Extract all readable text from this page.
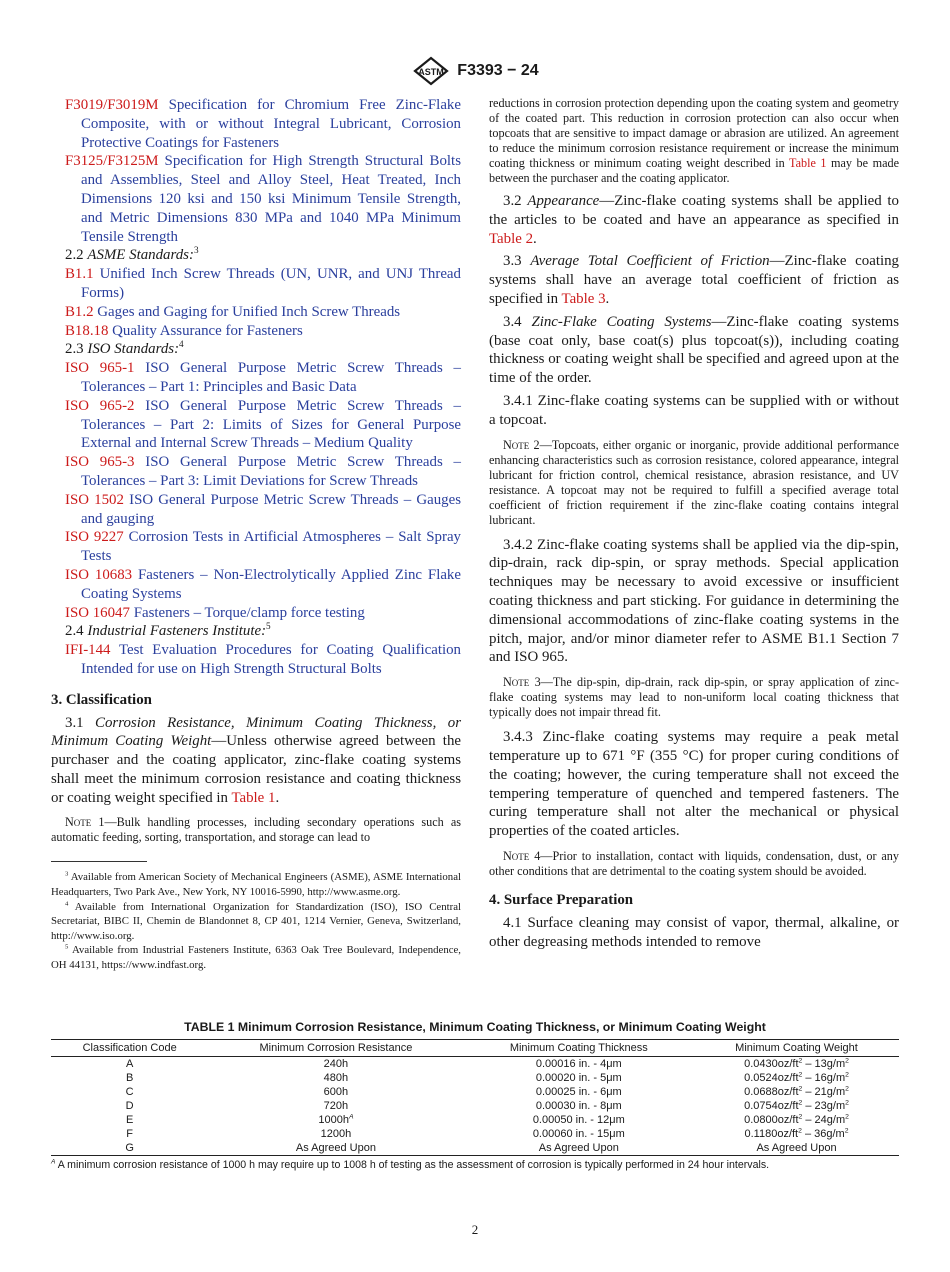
ASTM F3393 − 24
F3019/F3019M Specification for Chromium Free Zinc-Flake Composite, with or without Integral Lubricant, Corrosion Protective Coatings for Fasteners
F3125/F3125M Specification for High Strength Structural Bolts and Assemblies, Steel and Alloy Steel, Heat Treated, Inch Dimensions 120 ksi and 150 ksi Minimum Tensile Strength, and Metric Dimensions 830 MPa and 1040 MPa Minimum Tensile Strength
2.2 ASME Standards:$^3$
B1.1 Unified Inch Screw Threads (UN, UNR, and UNJ Thread Forms)
B1.2 Gages and Gaging for Unified Inch Screw Threads
B18.18 Quality Assurance for Fasteners
2.3 ISO Standards:$^4$
ISO 965-1 ISO General Purpose Metric Screw Threads – Tolerances – Part 1: Principles and Basic Data
ISO 965-2 ISO General Purpose Metric Screw Threads – Tolerances – Part 2: Limits of Sizes for General Purpose External and Internal Screw Threads – Medium Quality
ISO 965-3 ISO General Purpose Metric Screw Threads – Tolerances – Part 3: Limit Deviations for Screw Threads
ISO 1502 ISO General Purpose Metric Screw Threads – Gauges and gauging
ISO 9227 Corrosion Tests in Artificial Atmospheres – Salt Spray Tests
ISO 10683 Fasteners – Non-Electrolytically Applied Zinc Flake Coating Systems
ISO 16047 Fasteners – Torque/clamp force testing
2.4 Industrial Fasteners Institute:$^5$
IFI-144 Test Evaluation Procedures for Coating Qualification Intended for use on High Strength Structural Bolts
3. Classification
3.1 Corrosion Resistance, Minimum Coating Thickness, or Minimum Coating Weight—Unless otherwise agreed between the purchaser and the coating applicator, zinc-flake coating systems shall meet the minimum corrosion resistance and coating thickness or coating weight specified in Table 1.
Note 1—Bulk handling processes, including secondary operations such as automatic feeding, sorting, transportation, and storage can lead to
$^3$ Available from American Society of Mechanical Engineers (ASME), ASME International Headquarters, Two Park Ave., New York, NY 10016-5990, http://www.asme.org.
$^4$ Available from International Organization for Standardization (ISO), ISO Central Secretariat, BIBC II, Chemin de Blandonnet 8, CP 401, 1214 Vernier, Geneva, Switzerland, http://www.iso.org.
$^5$ Available from Industrial Fasteners Institute, 6363 Oak Tree Boulevard, Independence, OH 44131, https://www.indfast.org.
reductions in corrosion protection depending upon the coating system and geometry of the coated part. This reduction in corrosion protection can also occur when topcoats that are sensitive to impact damage or abrasion are utilized. An agreement to reduce the minimum corrosion resistance requirement or increase the minimum coating thickness or minimum coating weight described in Table 1 may be made between the purchaser and the coating applicator.
3.2 Appearance—Zinc-flake coating systems shall be applied to the articles to be coated and have an appearance as specified in Table 2.
3.3 Average Total Coefficient of Friction—Zinc-flake coating systems shall have an average total coefficient of friction as specified in Table 3.
3.4 Zinc-Flake Coating Systems—Zinc-flake coating systems (base coat only, base coat(s) plus topcoat(s)), including coating thickness or coating weight shall be specified and agreed upon at the time of the order.
3.4.1 Zinc-flake coating systems can be supplied with or without a topcoat.
Note 2—Topcoats, either organic or inorganic, provide additional performance enhancing characteristics such as corrosion resistance, colored appearance, integral lubricant for friction control, chemical resistance, abrasion resistance, and UV resistance. A topcoat may not be required to fulfill a specified average total coefficient of friction requirement if the zinc-flake coating contains integral lubricant.
3.4.2 Zinc-flake coating systems shall be applied via the dip-spin, dip-drain, rack dip-spin, or spray methods. Special application techniques may be necessary to avoid excessive or insufficient coating thickness and part sticking. For guidance in determining the dimensional accommodations of zinc-flake coating systems in the pitch, major, and/or minor diameter refer to ASME B1.1 Section 7 and ISO 965.
Note 3—The dip-spin, dip-drain, rack dip-spin, or spray application of zinc-flake coating systems may lead to non-uniform local coating thickness that typically does not impair thread fit.
3.4.3 Zinc-flake coating systems may require a peak metal temperature up to 671 °F (355 °C) for proper curing conditions of the coating; however, the curing temperature shall not exceed the tempering temperature of quenched and tempered fasteners. The curing temperature shall not alter the mechanical or physical properties of the coated articles.
Note 4—Prior to installation, contact with liquids, condensation, dust, or any other conditions that are detrimental to the coating system should be avoided.
4. Surface Preparation
4.1 Surface cleaning may consist of vapor, thermal, alkaline, or other degreasing methods intended to remove
TABLE 1 Minimum Corrosion Resistance, Minimum Coating Thickness, or Minimum Coating Weight
Classification Code	Minimum Corrosion Resistance	Minimum Coating Thickness	Minimum Coating Weight
A	240h	0.00016 in. - 4μm	$0.0430oz/ft^2 - 13g/m^2$
B	480h	0.00020 in. - 5μm	$0.0524oz/ft^2 - 16g/m^2$
C	600h	0.00025 in. - 6μm	$0.0688oz/ft^2 - 21g/m^2$
D	720h	0.00030 in. - 8μm	$0.0754oz/ft^2 - 23g/m^2$
E	$1000h^A$	0.00050 in. - 12μm	$0.0800oz/ft^2 - 24g/m^2$
F	1200h	0.00060 in. - 15μm	$0.1180oz/ft^2 - 36g/m^2$
G	As Agreed Upon	As Agreed Upon	As Agreed Upon
$^A$ A minimum corrosion resistance of 1000 h may require up to 1008 h of testing as the assessment of corrosion is typically performed in 24 hour intervals.
2
